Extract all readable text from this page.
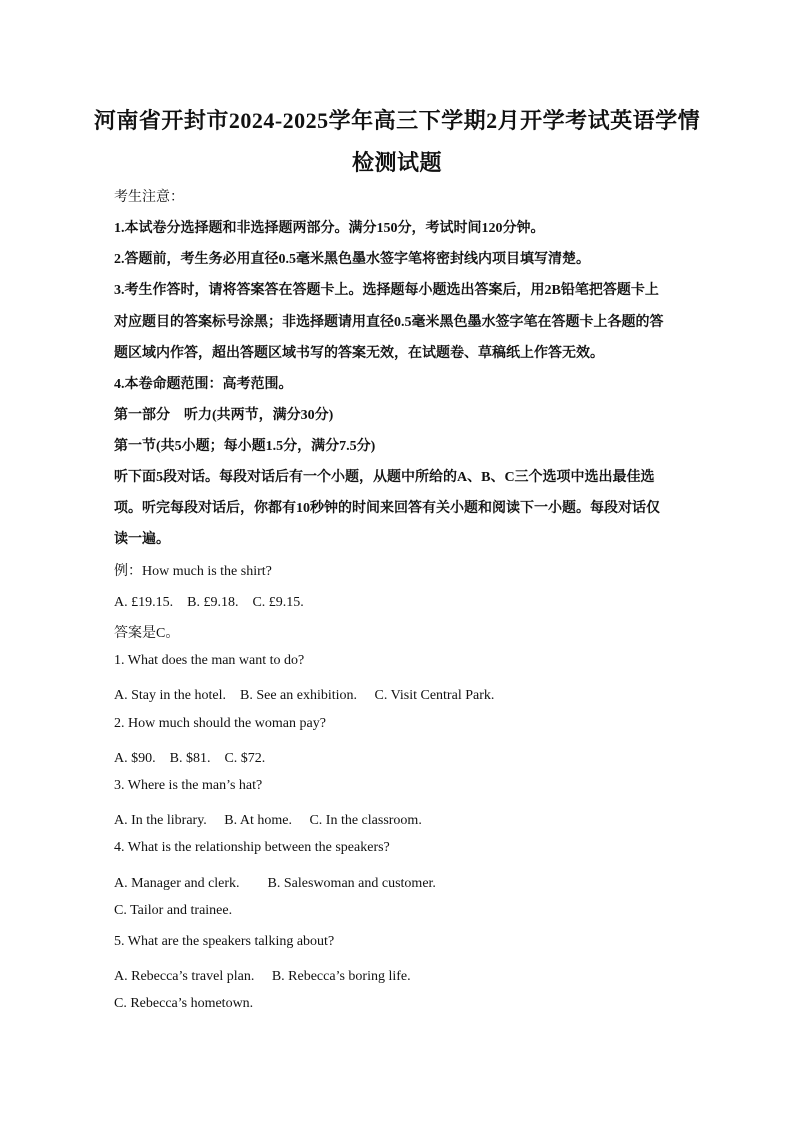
河南省开封市2024-2025学年高三下学期2月开学考试英语学情
检测试题
考生注意：
1.本试卷分选择题和非选择题两部分。满分150分，考试时间120分钟。
2.答题前，考生务必用直径0.5毫米黑色墨水签字笔将密封线内项目填写清楚。
3.考生作答时，请将答案答在答题卡上。选择题每小题选出答案后，用2B铅笔把答题卡上
对应题目的答案标号涂黑；非选择题请用直径0.5毫米黑色墨水签字笔在答题卡上各题的答
题区域内作答，超出答题区域书写的答案无效，在试题卷、草稿纸上作答无效。
4.本卷命题范围：高考范围。
第一部分　听力(共两节，满分30分)
第一节(共5小题；每小题1.5分，满分7.5分)
听下面5段对话。每段对话后有一个小题，从题中所给的A、B、C三个选项中选出最佳选
项。听完每段对话后，你都有10秒钟的时间来回答有关小题和阅读下一小题。每段对话仅
读一遍。
例：How much is the shirt?
A. £19.15.　B. £9.18.　C. £9.15.
答案是C。
1. What does the man want to do?
A. Stay in the hotel.　B. See an exhibition.　 C. Visit Central Park.
2. How much should the woman pay?
A. $90.　B. $81.　C. $72.
3. Where is the man’s hat?
A. In the library.　 B. At home.　 C. In the classroom.
4. What is the relationship between the speakers?
A. Manager and clerk.　　B. Saleswoman and customer.
C. Tailor and trainee.
5. What are the speakers talking about?
A. Rebecca’s travel plan.　 B. Rebecca’s boring life.
C. Rebecca’s hometown.
